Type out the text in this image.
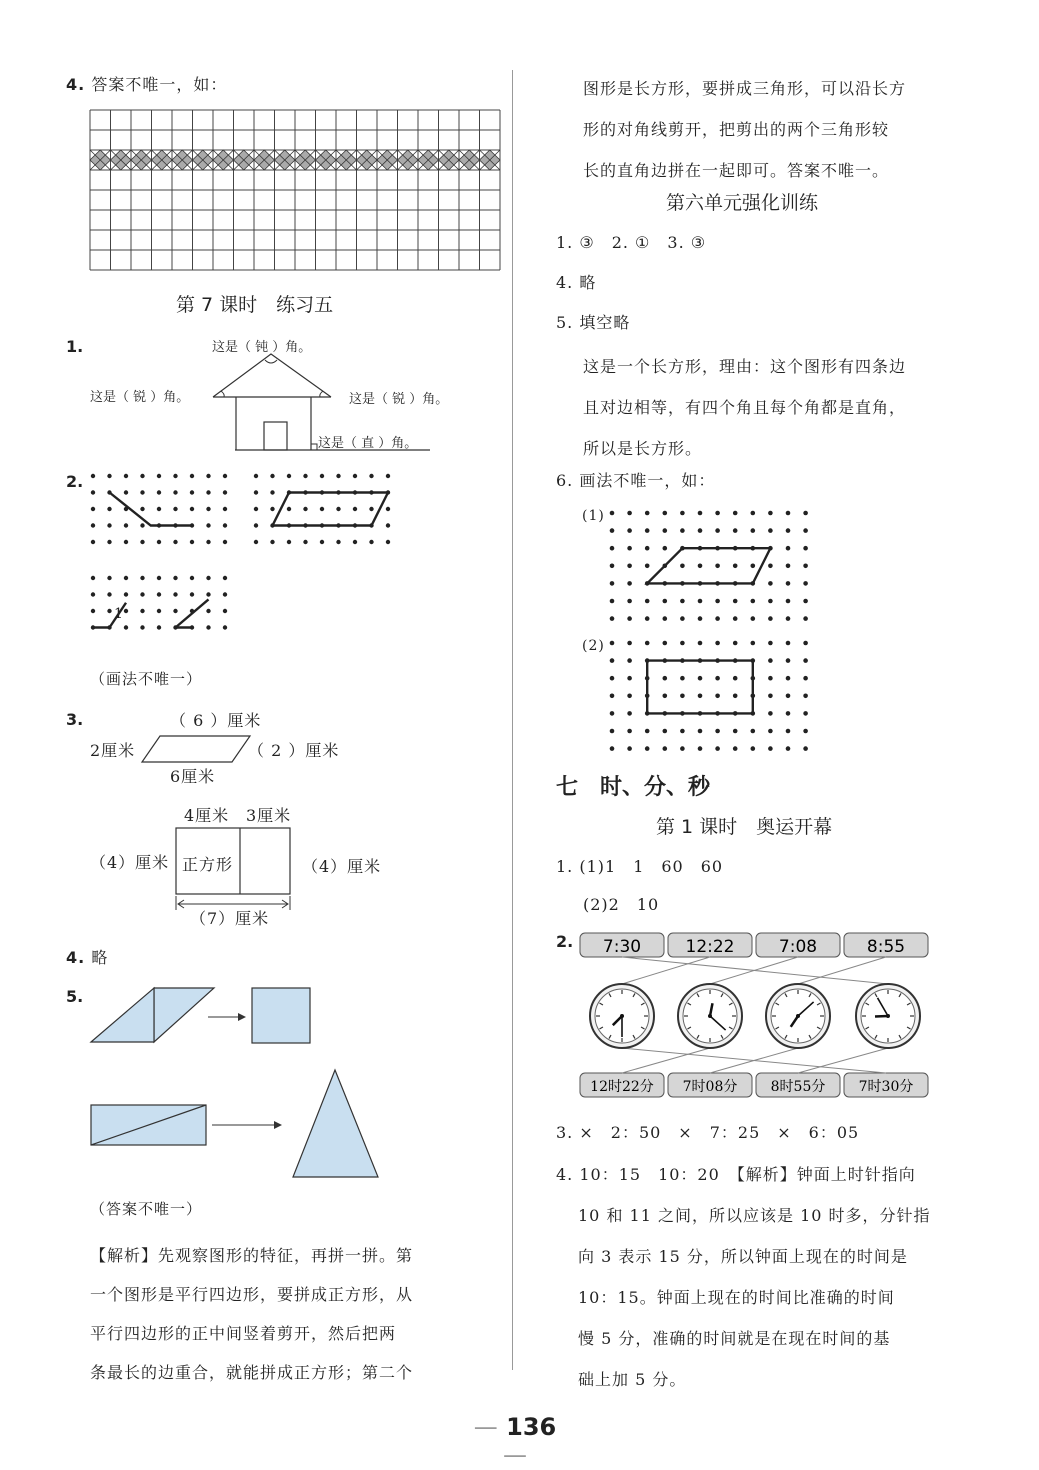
4. 答案不唯一，如：
第 7 课时　练习五
1.	这是（ 钝 ）角。
这是（ 锐 ）角。	这是（ 锐 ）角。
这是（ 直 ）角。
2.
1
（画法不唯一）
3.	（ 6 ）厘米
2厘米	（ 2 ）厘米
6厘米
4厘米 3厘米
（4）厘米 正方形	（4）厘米
（7）厘米
4. 略
5.
（答案不唯一）
【解析】先观察图形的特征，再拼一拼。第
一个图形是平行四边形，要拼成正方形，从
平行四边形的正中间竖着剪开，然后把两
条最长的边重合，就能拼成正方形；第二个
图形是长方形，要拼成三角形，可以沿长方
形的对角线剪开，把剪出的两个三角形较
长的直角边拼在一起即可。答案不唯一。
第六单元强化训练
1. ③　2. ①　3. ③
4. 略
5. 填空略
这是一个长方形，理由：这个图形有四条边
且对边相等，有四个角且每个角都是直角，
所以是长方形。
6. 画法不唯一，如：
(1)
(2)
七　时、分、秒
第 1 课时　奥运开幕
1. (1)1　1　60　60
(2)2　10
2. 7:30	12:22	7:08	8:55
12时22分 7时08分 8时55分 7时30分
3. ×　2：50　×　7：25　×　6：05
4. 10：15　10：20　【解析】钟面上时针指向
10 和 11 之间，所以应该是 10 时多，分针指
向 3 表示 15 分，所以钟面上现在的时间是
10：15。钟面上现在的时间比准确的时间
慢 5 分，准确的时间就是在现在时间的基
础上加 5 分。
— 136 —
